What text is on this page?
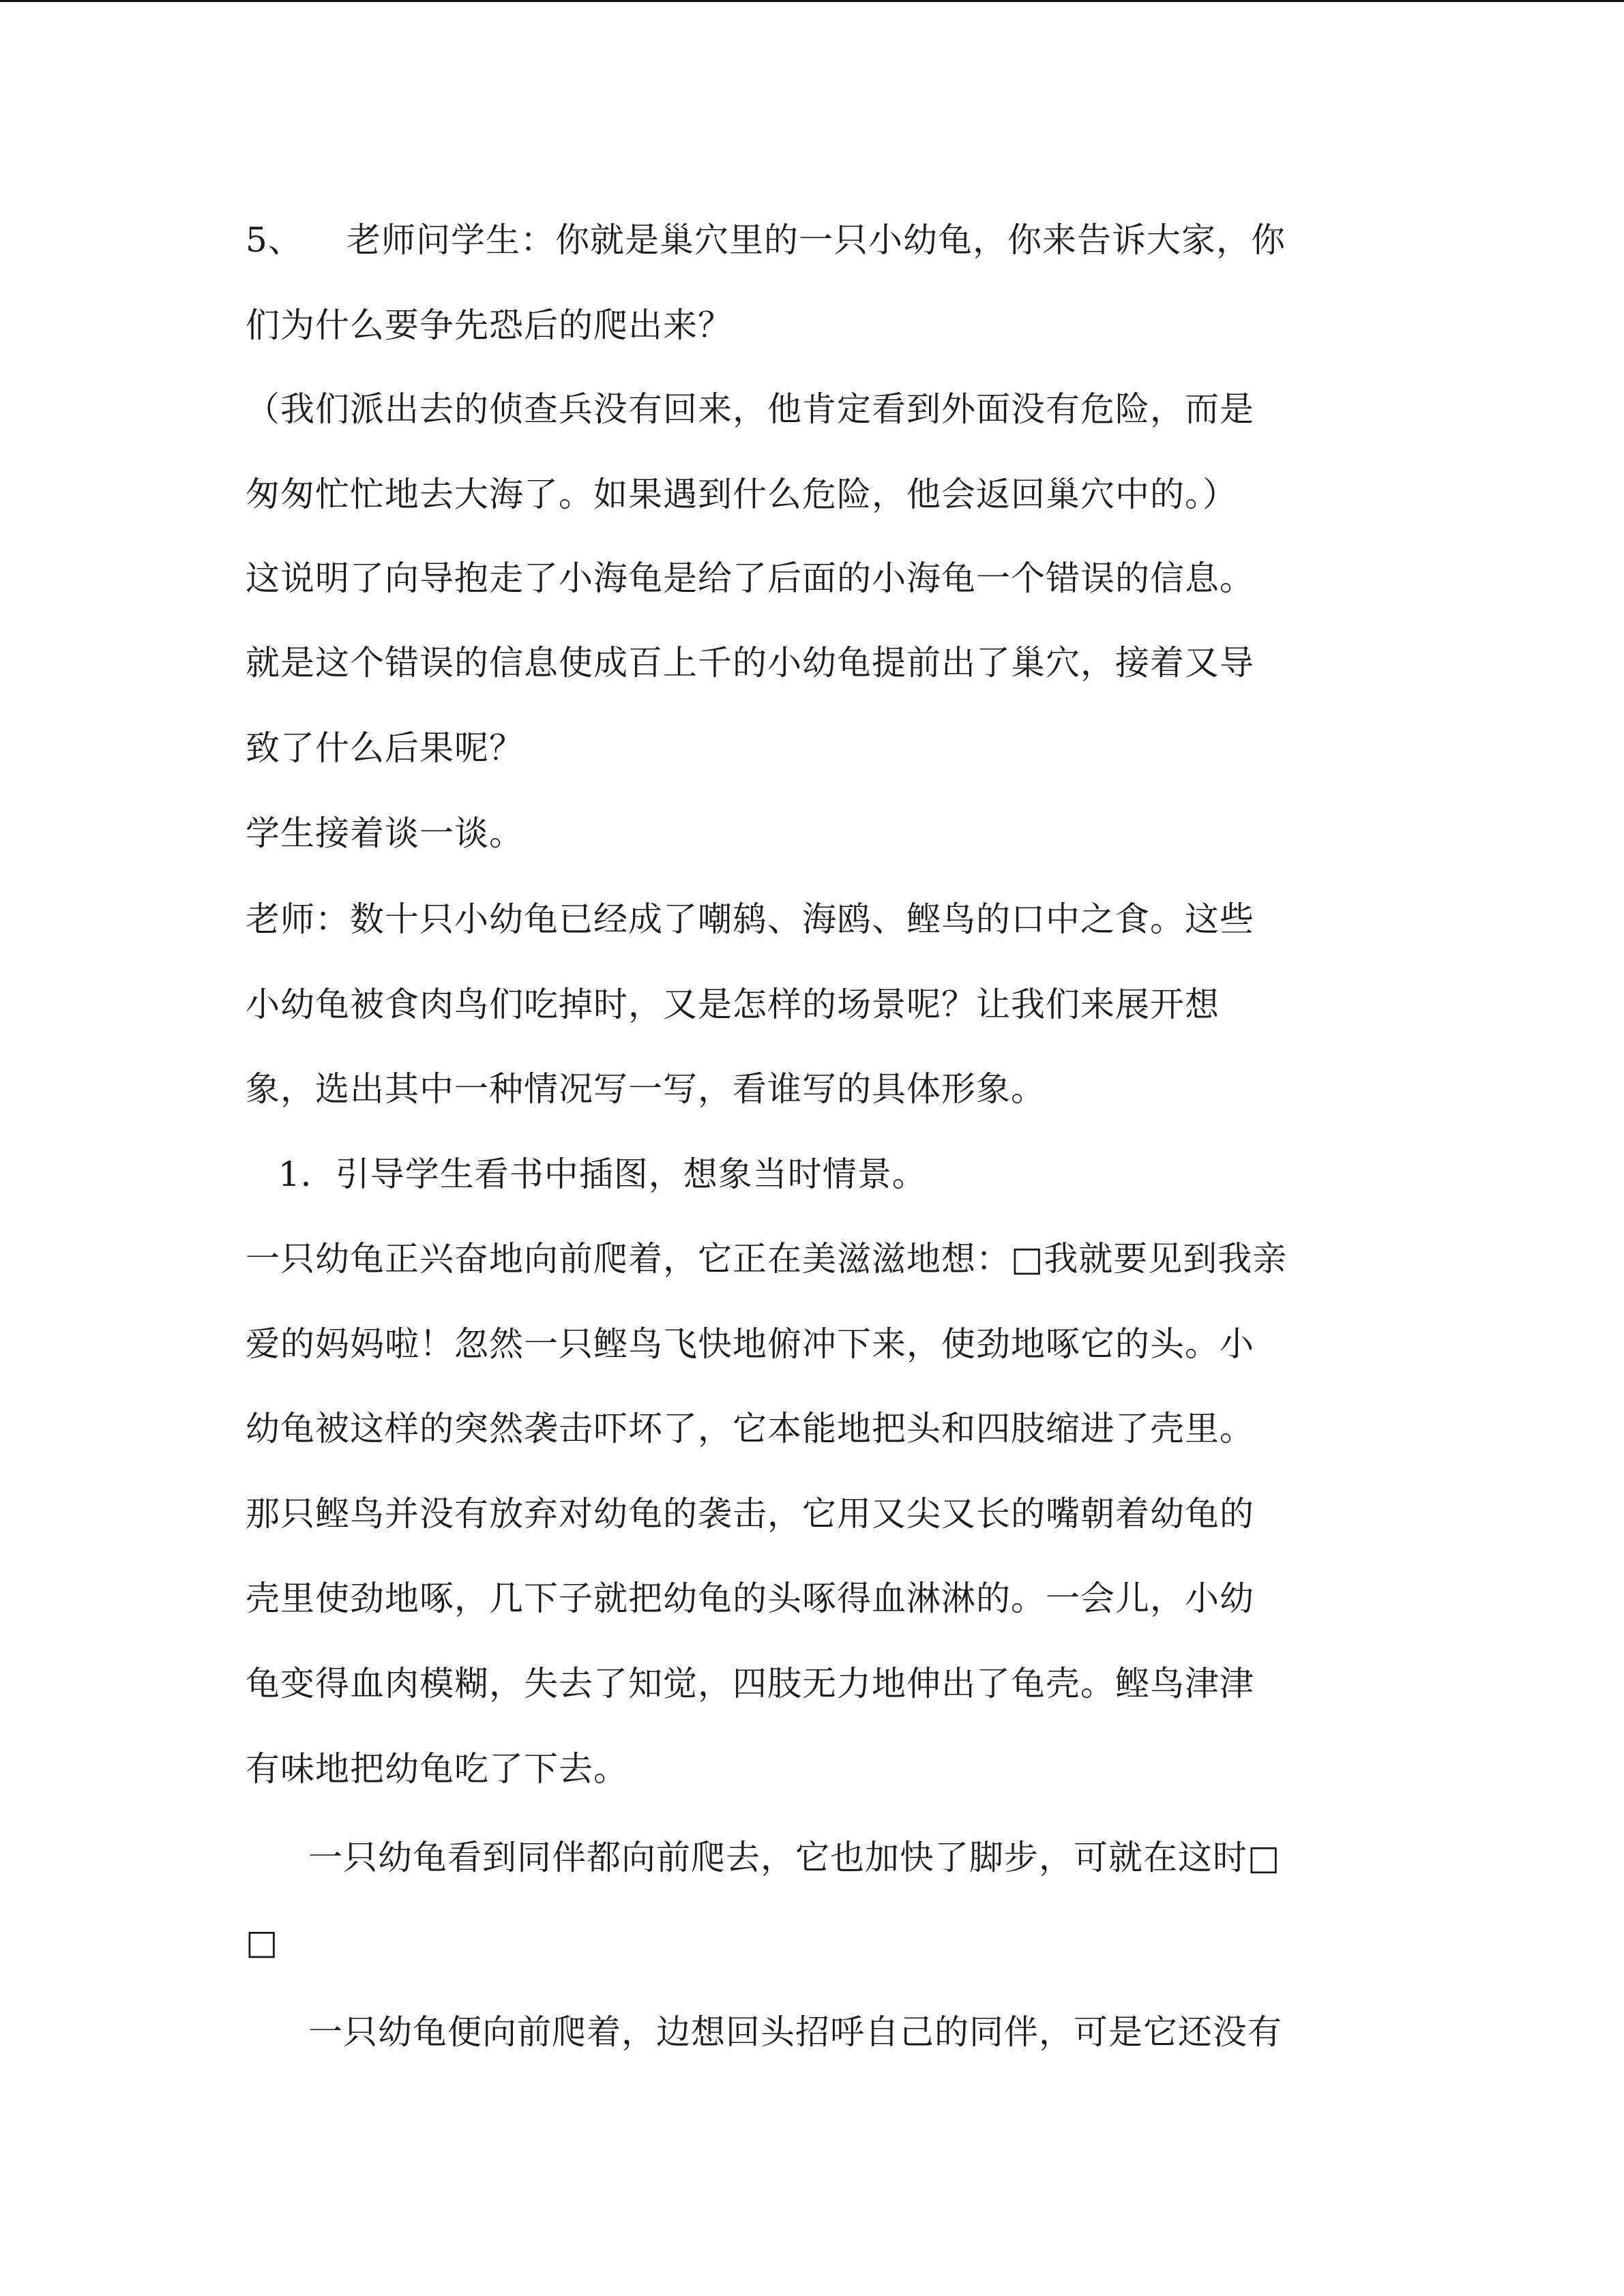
5、 老师问学生：你就是巢穴里的一只小幼龟，你来告诉大家，你
们为什么要争先恐后的爬出来？
（我们派出去的侦查兵没有回来，他肯定看到外面没有危险，而是
匆匆忙忙地去大海了。如果遇到什么危险，他会返回巢穴中的。）
这说明了向导抱走了小海龟是给了后面的小海龟一个错误的信息。
就是这个错误的信息使成百上千的小幼龟提前出了巢穴，接着又导
致了什么后果呢？
学生接着谈一谈。
老师：数十只小幼龟已经成了嘲鸫、海鸥、鲣鸟的口中之食。这些
小幼龟被食肉鸟们吃掉时，又是怎样的场景呢？让我们来展开想
象，选出其中一种情况写一写，看谁写的具体形象。
1．引导学生看书中插图，想象当时情景。
一只幼龟正兴奋地向前爬着，它正在美滋滋地想：□我就要见到我亲
爱的妈妈啦！忽然一只鲣鸟飞快地俯冲下来，使劲地啄它的头。小
幼龟被这样的突然袭击吓坏了，它本能地把头和四肢缩进了壳里。
那只鲣鸟并没有放弃对幼龟的袭击，它用又尖又长的嘴朝着幼龟的
壳里使劲地啄，几下子就把幼龟的头啄得血淋淋的。一会儿，小幼
龟变得血肉模糊，失去了知觉，四肢无力地伸出了龟壳。鲣鸟津津
有味地把幼龟吃了下去。
一只幼龟看到同伴都向前爬去，它也加快了脚步，可就在这时□
□
一只幼龟便向前爬着，边想回头招呼自己的同伴，可是它还没有
